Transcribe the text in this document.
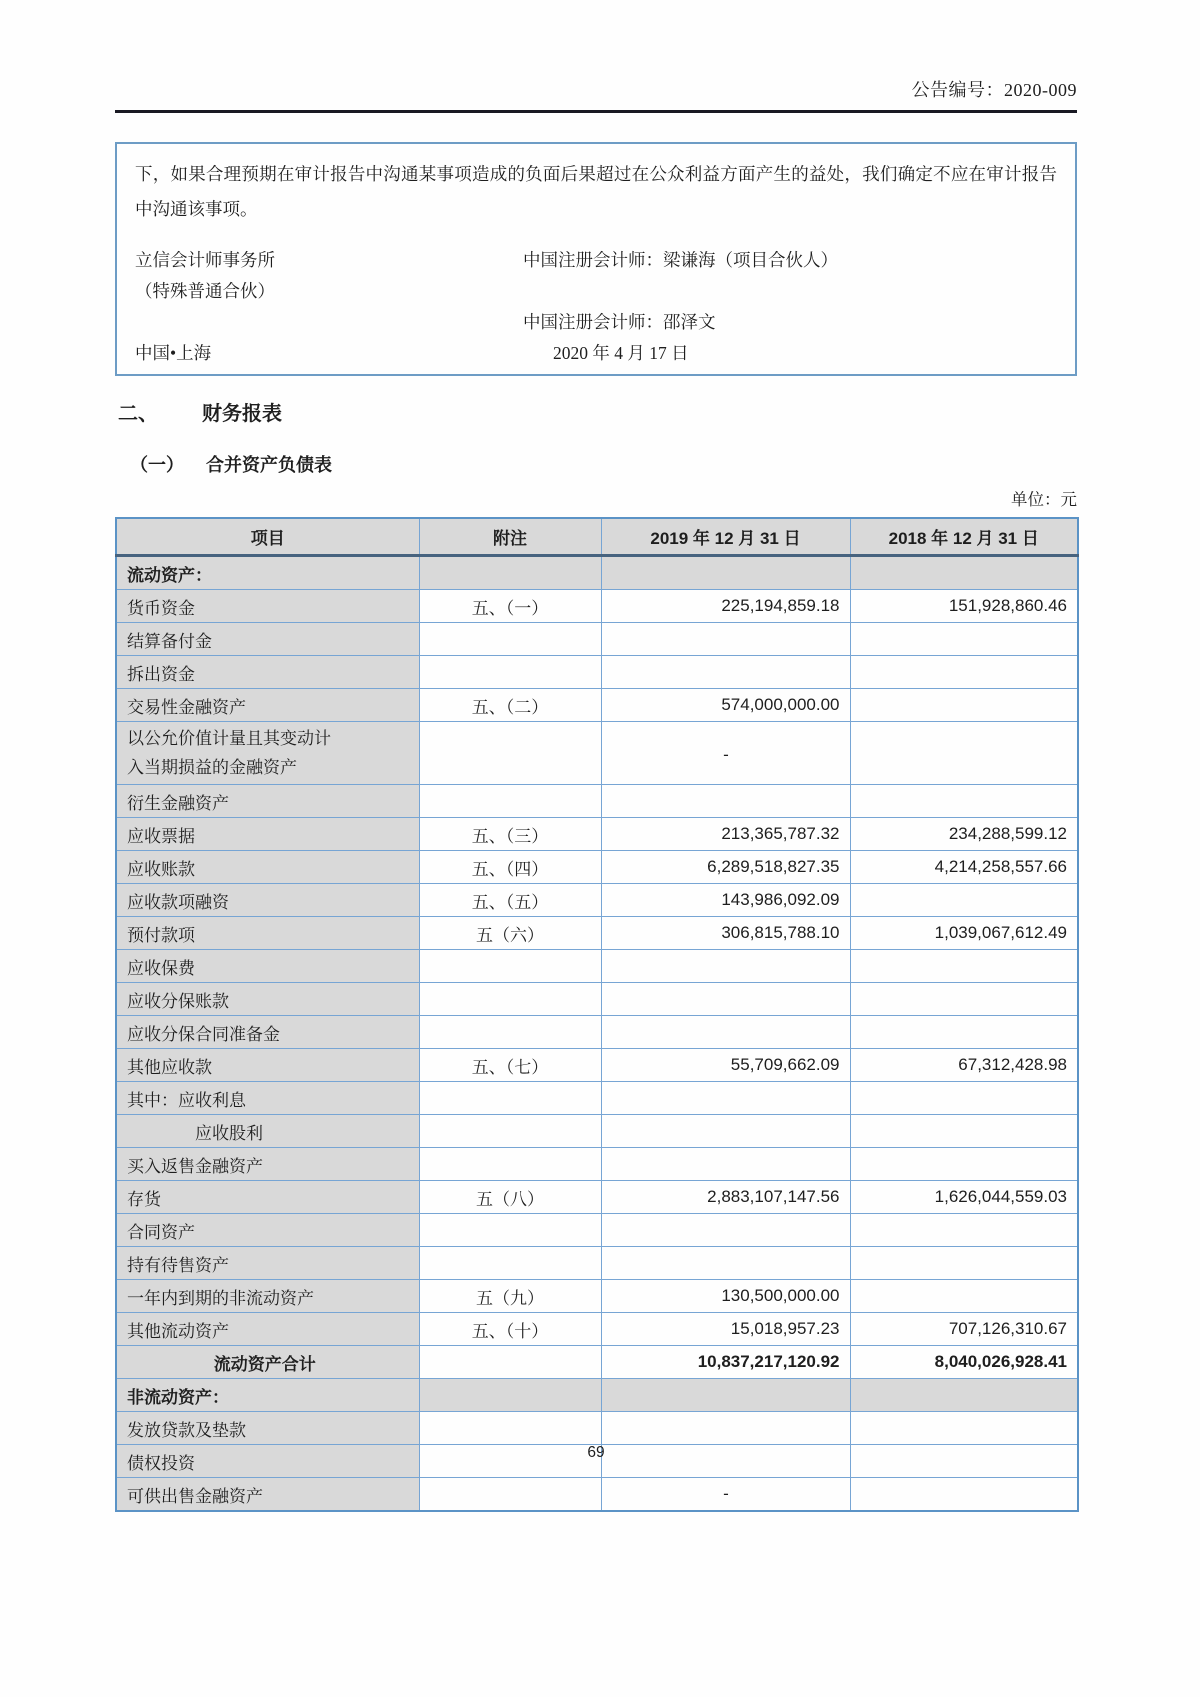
公告编号：2020-009

下，如果合理预期在审计报告中沟通某事项造成的负面后果超过在公众利益方面产生的益处，我们确定不应在审计报告中沟通该事项。

立信会计师事务所	中国注册会计师：梁谦海（项目合伙人）
（特殊普通合伙）
中国注册会计师：邵泽文
中国•上海	2020 年 4 月 17 日
二、 财务报表
（一） 合并资产负债表
单位：元
项目	附注	2019 年 12 月 31 日	2018 年 12 月 31 日
流动资产：			
货币资金	五、（一）	225,194,859.18	151,928,860.46
结算备付金			
拆出资金			
交易性金融资产	五、（二）	574,000,000.00	
以公允价值计量且其变动计入当期损益的金融资产		-	
衍生金融资产			
应收票据	五、（三）	213,365,787.32	234,288,599.12
应收账款	五、（四）	6,289,518,827.35	4,214,258,557.66
应收款项融资	五、（五）	143,986,092.09	
预付款项	五（六）	306,815,788.10	1,039,067,612.49
应收保费			
应收分保账款			
应收分保合同准备金			
其他应收款	五、（七）	55,709,662.09	67,312,428.98
其中：应收利息			
应收股利			
买入返售金融资产			
存货	五（八）	2,883,107,147.56	1,626,044,559.03
合同资产			
持有待售资产			
一年内到期的非流动资产	五（九）	130,500,000.00	
其他流动资产	五、（十）	15,018,957.23	707,126,310.67
流动资产合计		10,837,217,120.92	8,040,026,928.41
非流动资产：			
发放贷款及垫款			
债权投资			
可供出售金融资产		-	
69
